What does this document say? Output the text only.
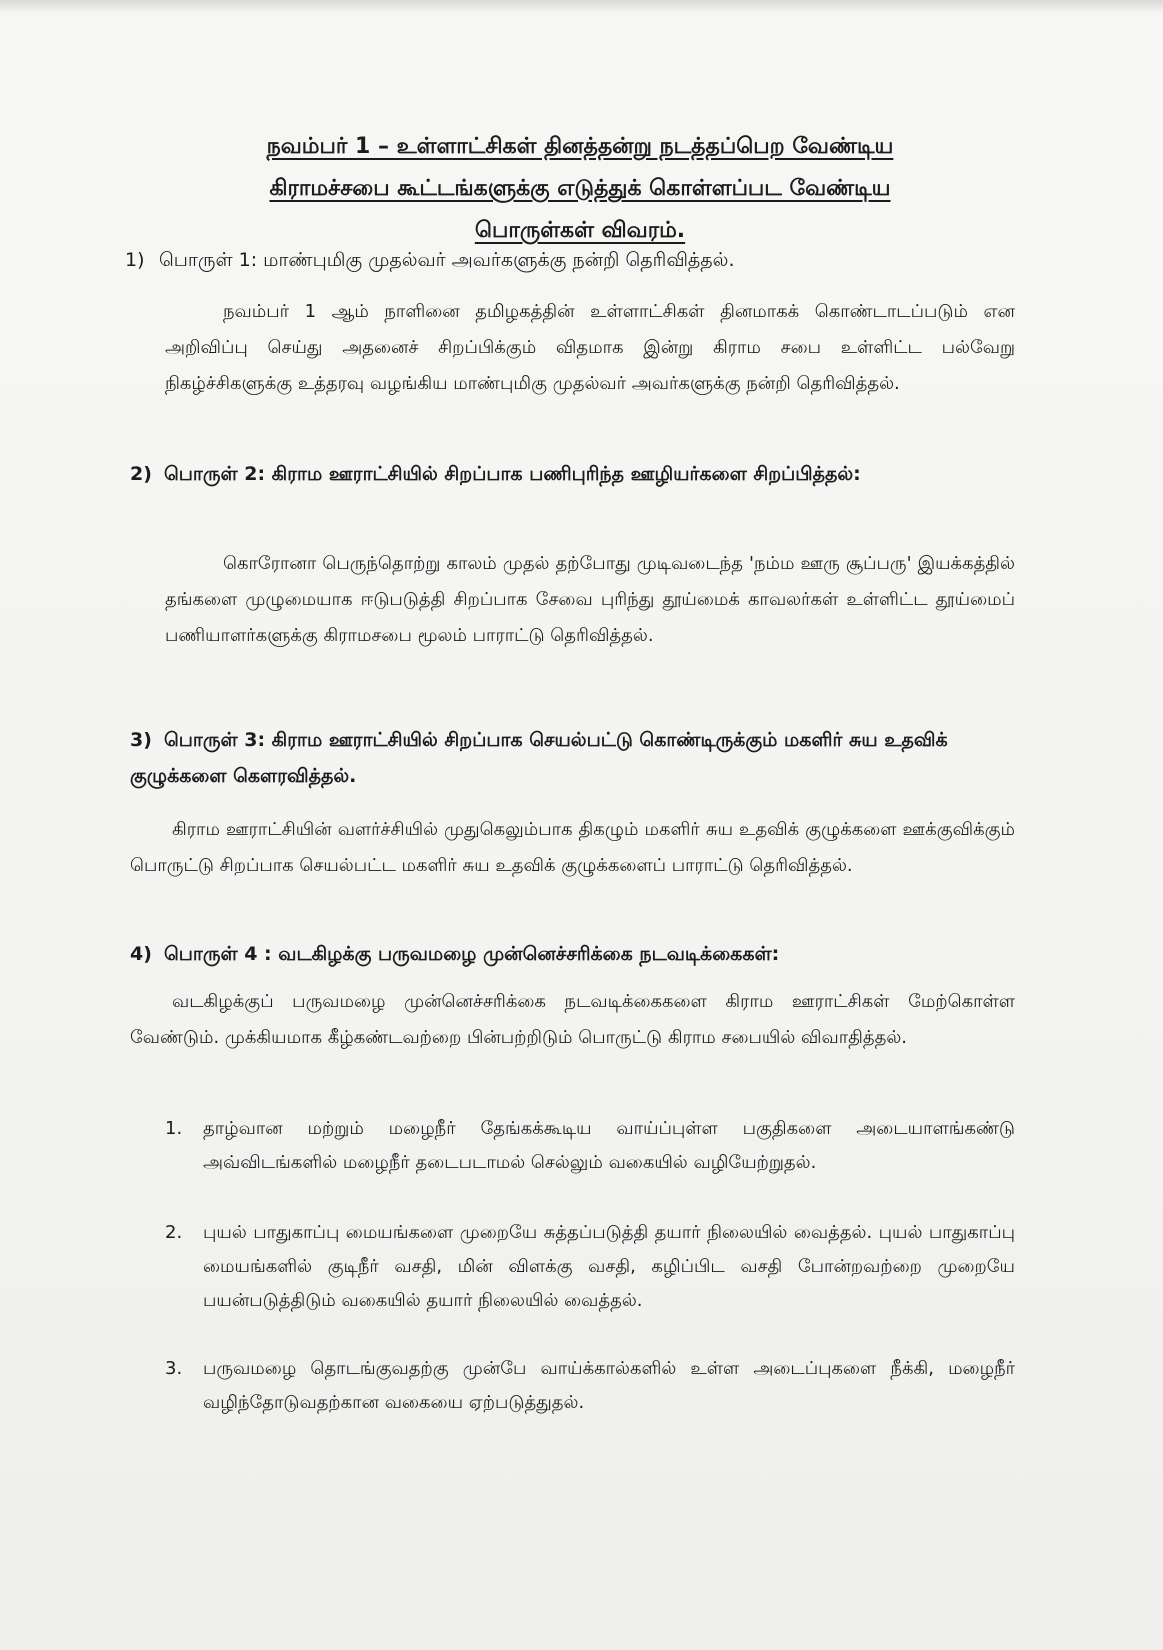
நவம்பர் 1 – உள்ளாட்சிகள் தினத்தன்று நடத்தப்பெற வேண்டிய
கிராமச்சபை கூட்டங்களுக்கு எடுத்துக் கொள்ளப்பட வேண்டிய
பொருள்கள் விவரம்.
1) பொருள் 1: மாண்புமிகு முதல்வர் அவர்களுக்கு நன்றி தெரிவித்தல்.
நவம்பர் 1 ஆம் நாளினை தமிழகத்தின் உள்ளாட்சிகள் தினமாகக் கொண்டாடப்படும் என அறிவிப்பு செய்து அதனைச் சிறப்பிக்கும் விதமாக இன்று கிராம சபை உள்ளிட்ட பல்வேறு நிகழ்ச்சிகளுக்கு உத்தரவு வழங்கிய மாண்புமிகு முதல்வர் அவர்களுக்கு நன்றி தெரிவித்தல்.
2) பொருள் 2: கிராம ஊராட்சியில் சிறப்பாக பணிபுரிந்த ஊழியர்களை சிறப்பித்தல்:
கொரோனா பெருந்தொற்று காலம் முதல் தற்போது முடிவடைந்த 'நம்ம ஊரு சூப்பரு' இயக்கத்தில் தங்களை முழுமையாக ஈடுபடுத்தி சிறப்பாக சேவை புரிந்து தூய்மைக் காவலர்கள் உள்ளிட்ட தூய்மைப் பணியாளர்களுக்கு கிராமசபை மூலம் பாராட்டு தெரிவித்தல்.
3) பொருள் 3: கிராம ஊராட்சியில் சிறப்பாக செயல்பட்டு கொண்டிருக்கும் மகளிர் சுய உதவிக் குழுக்களை கௌரவித்தல்.
கிராம ஊராட்சியின் வளர்ச்சியில் முதுகெலும்பாக திகழும் மகளிர் சுய உதவிக் குழுக்களை ஊக்குவிக்கும் பொருட்டு சிறப்பாக செயல்பட்ட மகளிர் சுய உதவிக் குழுக்களைப் பாராட்டு தெரிவித்தல்.
4) பொருள் 4 : வடகிழக்கு பருவமழை முன்னெச்சரிக்கை நடவடிக்கைகள்:
வடகிழக்குப் பருவமழை முன்னெச்சரிக்கை நடவடிக்கைகளை கிராம ஊராட்சிகள் மேற்கொள்ள வேண்டும். முக்கியமாக கீழ்கண்டவற்றை பின்பற்றிடும் பொருட்டு கிராம சபையில் விவாதித்தல்.
1.	தாழ்வான மற்றும் மழைநீர் தேங்கக்கூடிய வாய்ப்புள்ள பகுதிகளை அடையாளங்கண்டு அவ்விடங்களில் மழைநீர் தடைபடாமல் செல்லும் வகையில் வழியேற்றுதல்.
2.	புயல் பாதுகாப்பு மையங்களை முறையே சுத்தப்படுத்தி தயார் நிலையில் வைத்தல். புயல் பாதுகாப்பு மையங்களில் குடிநீர் வசதி, மின் விளக்கு வசதி, கழிப்பிட வசதி போன்றவற்றை முறையே பயன்படுத்திடும் வகையில் தயார் நிலையில் வைத்தல்.
3.	பருவமழை தொடங்குவதற்கு முன்பே வாய்க்கால்களில் உள்ள அடைப்புகளை நீக்கி, மழைநீர் வழிந்தோடுவதற்கான வகையை ஏற்படுத்துதல்.
